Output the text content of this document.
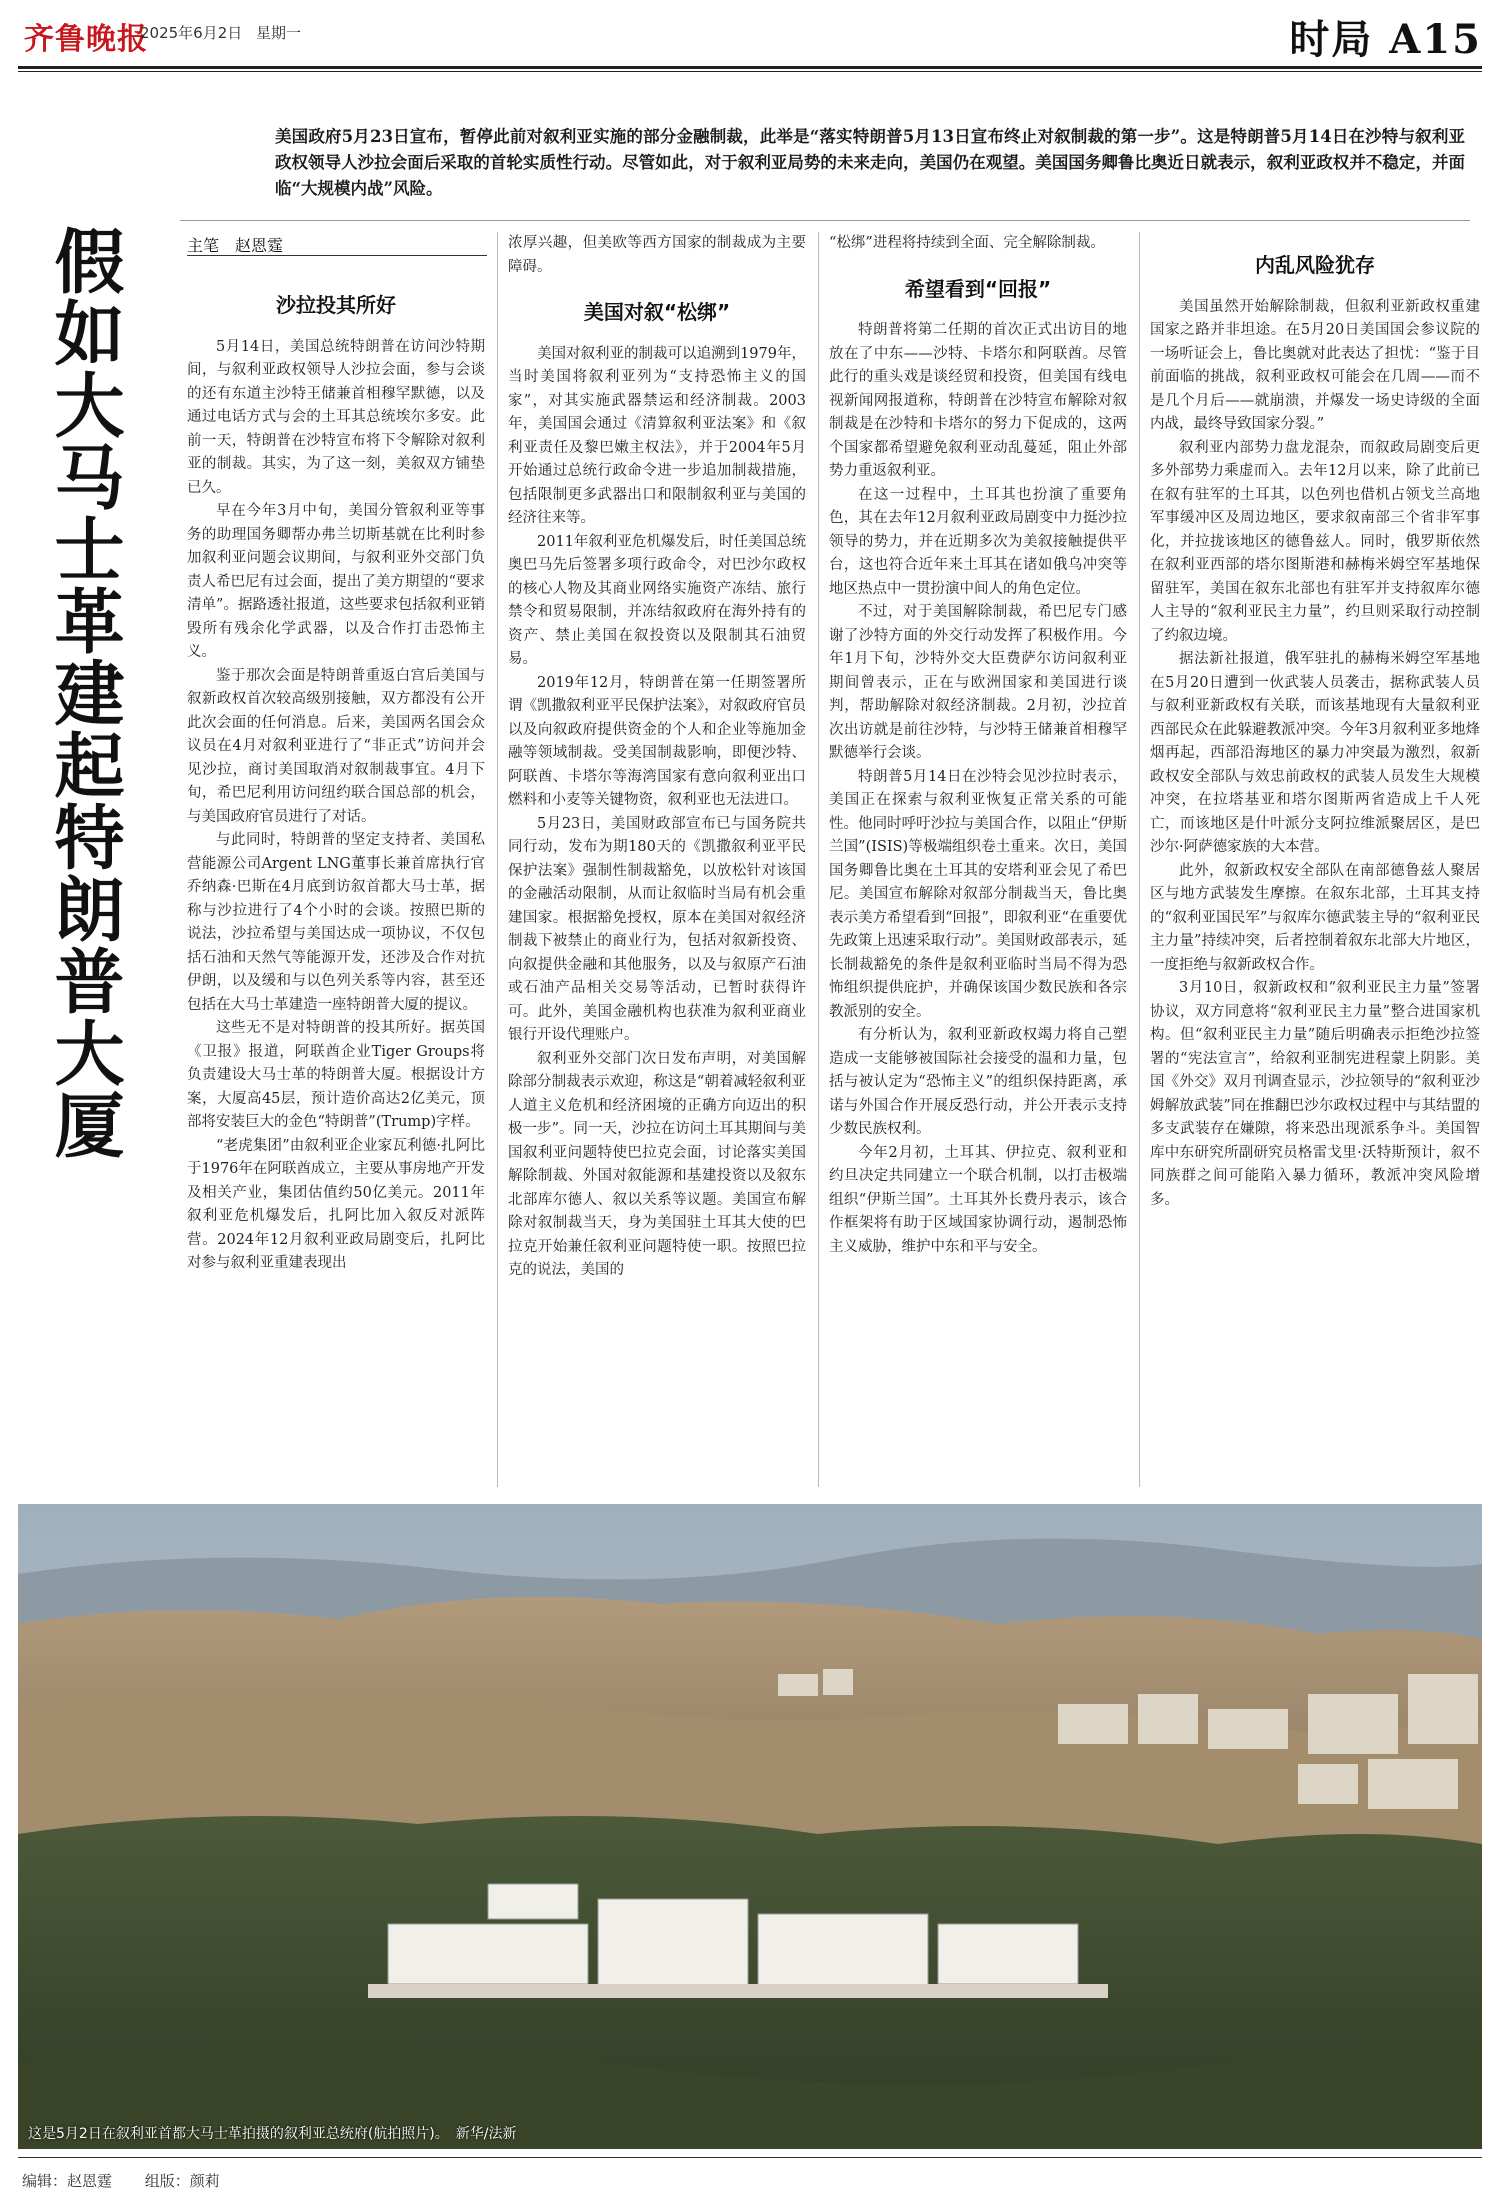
齐鲁晚报
2025年6月2日 星期一	时局 A15
美国政府5月23日宣布，暂停此前对叙利亚实施的部分金融制裁，此举是“落实特朗普5月13日宣布终止对叙制裁的第一步”。这是特朗普5月14日在沙特与叙利亚政权领导人沙拉会面后采取的首轮实质性行动。尽管如此，对于叙利亚局势的未来走向，美国仍在观望。美国国务卿鲁比奥近日就表示，叙利亚政权并不稳定，并面临“大规模内战”风险。
假如大马士革建起特朗普大厦	主笔　赵恩霆
沙拉投其所好

5月14日，美国总统特朗普在访问沙特期间，与叙利亚政权领导人沙拉会面，参与会谈的还有东道主沙特王储兼首相穆罕默德，以及通过电话方式与会的土耳其总统埃尔多安。此前一天，特朗普在沙特宣布将下令解除对叙利亚的制裁。其实，为了这一刻，美叙双方铺垫已久。

早在今年3月中旬，美国分管叙利亚等事务的助理国务卿帮办弗兰切斯基就在比利时参加叙利亚问题会议期间，与叙利亚外交部门负责人希巴尼有过会面，提出了美方期望的“要求清单”。据路透社报道，这些要求包括叙利亚销毁所有残余化学武器，以及合作打击恐怖主义。

鉴于那次会面是特朗普重返白宫后美国与叙新政权首次较高级别接触，双方都没有公开此次会面的任何消息。后来，美国两名国会众议员在4月对叙利亚进行了“非正式”访问并会见沙拉，商讨美国取消对叙制裁事宜。4月下旬，希巴尼利用访问纽约联合国总部的机会，与美国政府官员进行了对话。

与此同时，特朗普的坚定支持者、美国私营能源公司Argent LNG董事长兼首席执行官乔纳森·巴斯在4月底到访叙首都大马士革，据称与沙拉进行了4个小时的会谈。按照巴斯的说法，沙拉希望与美国达成一项协议，不仅包括石油和天然气等能源开发，还涉及合作对抗伊朗，以及缓和与以色列关系等内容，甚至还包括在大马士革建造一座特朗普大厦的提议。

这些无不是对特朗普的投其所好。据英国《卫报》报道，阿联酋企业Tiger Groups将负责建设大马士革的特朗普大厦。根据设计方案，大厦高45层，预计造价高达2亿美元，顶部将安装巨大的金色“特朗普”(Trump)字样。

“老虎集团”由叙利亚企业家瓦利德·扎阿比于1976年在阿联酋成立，主要从事房地产开发及相关产业，集团估值约50亿美元。2011年叙利亚危机爆发后，扎阿比加入叙反对派阵营。2024年12月叙利亚政局剧变后，扎阿比对参与叙利亚重建表现出

浓厚兴趣，但美欧等西方国家的制裁成为主要障碍。

美国对叙“松绑”

美国对叙利亚的制裁可以追溯到1979年，当时美国将叙利亚列为“支持恐怖主义的国家”，对其实施武器禁运和经济制裁。2003年，美国国会通过《清算叙利亚法案》和《叙利亚责任及黎巴嫩主权法》，并于2004年5月开始通过总统行政命令进一步追加制裁措施，包括限制更多武器出口和限制叙利亚与美国的经济往来等。

2011年叙利亚危机爆发后，时任美国总统奥巴马先后签署多项行政命令，对巴沙尔政权的核心人物及其商业网络实施资产冻结、旅行禁令和贸易限制，并冻结叙政府在海外持有的资产、禁止美国在叙投资以及限制其石油贸易。

2019年12月，特朗普在第一任期签署所谓《凯撒叙利亚平民保护法案》，对叙政府官员以及向叙政府提供资金的个人和企业等施加金融等领域制裁。受美国制裁影响，即便沙特、阿联酋、卡塔尔等海湾国家有意向叙利亚出口燃料和小麦等关键物资，叙利亚也无法进口。

5月23日，美国财政部宣布已与国务院共同行动，发布为期180天的《凯撒叙利亚平民保护法案》强制性制裁豁免，以放松针对该国的金融活动限制，从而让叙临时当局有机会重建国家。根据豁免授权，原本在美国对叙经济制裁下被禁止的商业行为，包括对叙新投资、向叙提供金融和其他服务，以及与叙原产石油或石油产品相关交易等活动，已暂时获得许可。此外，美国金融机构也获准为叙利亚商业银行开设代理账户。

叙利亚外交部门次日发布声明，对美国解除部分制裁表示欢迎，称这是“朝着减轻叙利亚人道主义危机和经济困境的正确方向迈出的积极一步”。同一天，沙拉在访问土耳其期间与美国叙利亚问题特使巴拉克会面，讨论落实美国解除制裁、外国对叙能源和基建投资以及叙东北部库尔德人、叙以关系等议题。美国宣布解除对叙制裁当天，身为美国驻土耳其大使的巴拉克开始兼任叙利亚问题特使一职。按照巴拉克的说法，美国的

“松绑”进程将持续到全面、完全解除制裁。

希望看到“回报”

特朗普将第二任期的首次正式出访目的地放在了中东——沙特、卡塔尔和阿联酋。尽管此行的重头戏是谈经贸和投资，但美国有线电视新闻网报道称，特朗普在沙特宣布解除对叙制裁是在沙特和卡塔尔的努力下促成的，这两个国家都希望避免叙利亚动乱蔓延，阻止外部势力重返叙利亚。

在这一过程中，土耳其也扮演了重要角色，其在去年12月叙利亚政局剧变中力挺沙拉领导的势力，并在近期多次为美叙接触提供平台，这也符合近年来土耳其在诸如俄乌冲突等地区热点中一贯扮演中间人的角色定位。

不过，对于美国解除制裁，希巴尼专门感谢了沙特方面的外交行动发挥了积极作用。今年1月下旬，沙特外交大臣费萨尔访问叙利亚期间曾表示，正在与欧洲国家和美国进行谈判，帮助解除对叙经济制裁。2月初，沙拉首次出访就是前往沙特，与沙特王储兼首相穆罕默德举行会谈。

特朗普5月14日在沙特会见沙拉时表示，美国正在探索与叙利亚恢复正常关系的可能性。他同时呼吁沙拉与美国合作，以阻止“伊斯兰国”(ISIS)等极端组织卷土重来。次日，美国国务卿鲁比奥在土耳其的安塔利亚会见了希巴尼。美国宣布解除对叙部分制裁当天，鲁比奥表示美方希望看到“回报”，即叙利亚“在重要优先政策上迅速采取行动”。美国财政部表示，延长制裁豁免的条件是叙利亚临时当局不得为恐怖组织提供庇护，并确保该国少数民族和各宗教派别的安全。

有分析认为，叙利亚新政权竭力将自己塑造成一支能够被国际社会接受的温和力量，包括与被认定为“恐怖主义”的组织保持距离，承诺与外国合作开展反恐行动，并公开表示支持少数民族权利。

今年2月初，土耳其、伊拉克、叙利亚和约旦决定共同建立一个联合机制，以打击极端组织“伊斯兰国”。土耳其外长费丹表示，该合作框架将有助于区域国家协调行动，遏制恐怖主义威胁，维护中东和平与安全。

内乱风险犹存

美国虽然开始解除制裁，但叙利亚新政权重建国家之路并非坦途。在5月20日美国国会参议院的一场听证会上，鲁比奥就对此表达了担忧：“鉴于目前面临的挑战，叙利亚政权可能会在几周——而不是几个月后——就崩溃，并爆发一场史诗级的全面内战，最终导致国家分裂。”

叙利亚内部势力盘龙混杂，而叙政局剧变后更多外部势力乘虚而入。去年12月以来，除了此前已在叙有驻军的土耳其，以色列也借机占领戈兰高地军事缓冲区及周边地区，要求叙南部三个省非军事化，并拉拢该地区的德鲁兹人。同时，俄罗斯依然在叙利亚西部的塔尔图斯港和赫梅米姆空军基地保留驻军，美国在叙东北部也有驻军并支持叙库尔德人主导的“叙利亚民主力量”，约旦则采取行动控制了约叙边境。

据法新社报道，俄军驻扎的赫梅米姆空军基地在5月20日遭到一伙武装人员袭击，据称武装人员与叙利亚新政权有关联，而该基地现有大量叙利亚西部民众在此躲避教派冲突。今年3月叙利亚多地烽烟再起，西部沿海地区的暴力冲突最为激烈，叙新政权安全部队与效忠前政权的武装人员发生大规模冲突，在拉塔基亚和塔尔图斯两省造成上千人死亡，而该地区是什叶派分支阿拉维派聚居区，是巴沙尔·阿萨德家族的大本营。

此外，叙新政权安全部队在南部德鲁兹人聚居区与地方武装发生摩擦。在叙东北部，土耳其支持的“叙利亚国民军”与叙库尔德武装主导的“叙利亚民主力量”持续冲突，后者控制着叙东北部大片地区，一度拒绝与叙新政权合作。

3月10日，叙新政权和“叙利亚民主力量”签署协议，双方同意将“叙利亚民主力量”整合进国家机构。但“叙利亚民主力量”随后明确表示拒绝沙拉签署的“宪法宣言”，给叙利亚制宪进程蒙上阴影。美国《外交》双月刊调查显示，沙拉领导的“叙利亚沙姆解放武装”同在推翻巴沙尔政权过程中与其结盟的多支武装存在嫌隙，将来恐出现派系争斗。美国智库中东研究所副研究员格雷戈里·沃特斯预计，叙不同族群之间可能陷入暴力循环，教派冲突风险增多。

这是5月2日在叙利亚首都大马士革拍摄的叙利亚总统府(航拍照片)。　新华/法新
编辑：赵恩霆 组版：颜莉
